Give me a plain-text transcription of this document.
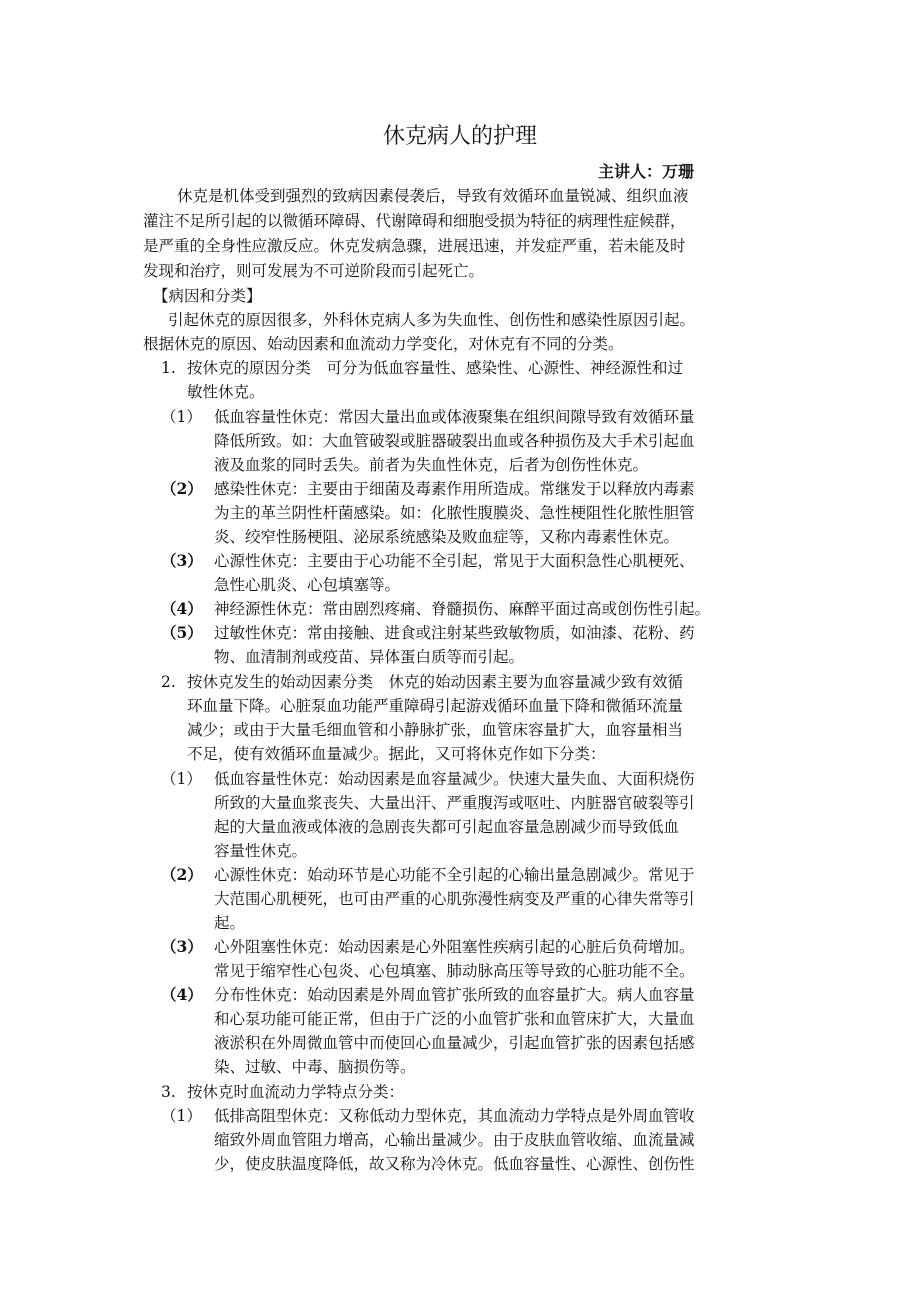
休克病人的护理
主讲人：万珊
休克是机体受到强烈的致病因素侵袭后，导致有效循环血量锐减、组织血液
灌注不足所引起的以微循环障碍、代谢障碍和细胞受损为特征的病理性症候群，
是严重的全身性应激反应。休克发病急骤，进展迅速，并发症严重，若未能及时
发现和治疗，则可发展为不可逆阶段而引起死亡。
【病因和分类】
引起休克的原因很多，外科休克病人多为失血性、创伤性和感染性原因引起。
根据休克的原因、始动因素和血流动力学变化，对休克有不同的分类。
1. 按休克的原因分类　可分为低血容量性、感染性、心源性、神经源性和过
敏性休克。
（1） 低血容量性休克：常因大量出血或体液聚集在组织间隙导致有效循环量
降低所致。如：大血管破裂或脏器破裂出血或各种损伤及大手术引起血
液及血浆的同时丢失。前者为失血性休克，后者为创伤性休克。
（2） 感染性休克：主要由于细菌及毒素作用所造成。常继发于以释放内毒素
为主的革兰阴性杆菌感染。如：化脓性腹膜炎、急性梗阻性化脓性胆管
炎、绞窄性肠梗阻、泌尿系统感染及败血症等，又称内毒素性休克。
（3） 心源性休克：主要由于心功能不全引起，常见于大面积急性心肌梗死、
急性心肌炎、心包填塞等。
（4） 神经源性休克：常由剧烈疼痛、脊髓损伤、麻醉平面过高或创伤性引起。
（5） 过敏性休克：常由接触、进食或注射某些致敏物质，如油漆、花粉、药
物、血清制剂或疫苗、异体蛋白质等而引起。
2. 按休克发生的始动因素分类　休克的始动因素主要为血容量减少致有效循
环血量下降。心脏泵血功能严重障碍引起游戏循环血量下降和微循环流量
减少；或由于大量毛细血管和小静脉扩张，血管床容量扩大，血容量相当
不足，使有效循环血量减少。据此，又可将休克作如下分类：
（1） 低血容量性休克：始动因素是血容量减少。快速大量失血、大面积烧伤
所致的大量血浆丧失、大量出汗、严重腹泻或呕吐、内脏器官破裂等引
起的大量血液或体液的急剧丧失都可引起血容量急剧减少而导致低血
容量性休克。
（2） 心源性休克：始动环节是心功能不全引起的心输出量急剧减少。常见于
大范围心肌梗死，也可由严重的心肌弥漫性病变及严重的心律失常等引
起。
（3） 心外阻塞性休克：始动因素是心外阻塞性疾病引起的心脏后负荷增加。
常见于缩窄性心包炎、心包填塞、肺动脉高压等导致的心脏功能不全。
（4） 分布性休克：始动因素是外周血管扩张所致的血容量扩大。病人血容量
和心泵功能可能正常，但由于广泛的小血管扩张和血管床扩大，大量血
液淤积在外周微血管中而使回心血量减少，引起血管扩张的因素包括感
染、过敏、中毒、脑损伤等。
3. 按休克时血流动力学特点分类：
（1） 低排高阻型休克：又称低动力型休克，其血流动力学特点是外周血管收
缩致外周血管阻力增高，心输出量减少。由于皮肤血管收缩、血流量减
少，使皮肤温度降低，故又称为冷休克。低血容量性、心源性、创伤性
